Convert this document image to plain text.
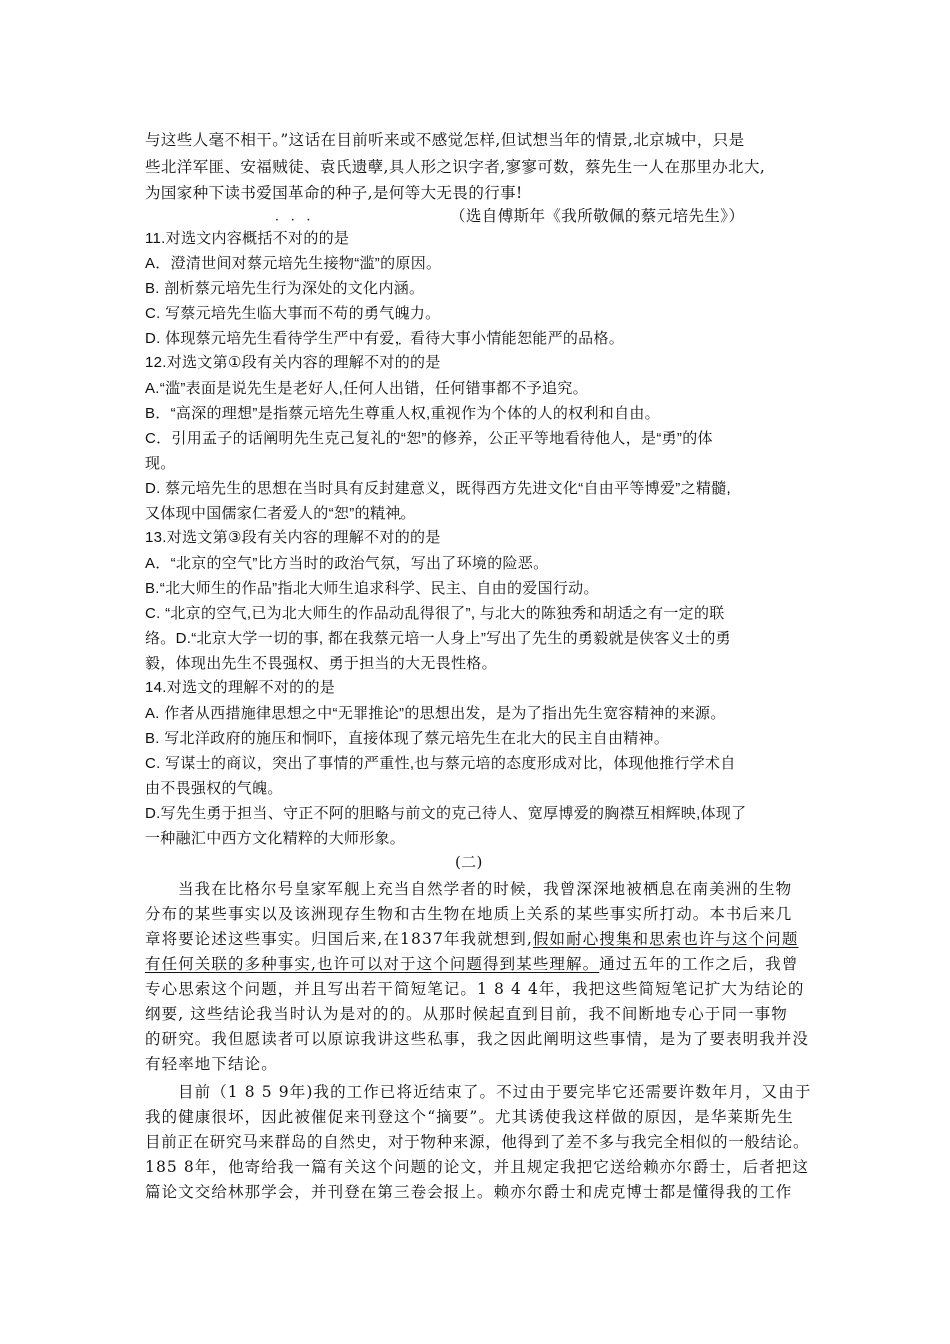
与这些人毫不相干。”这话在目前听来或不感觉怎样,但试想当年的情景,北京城中，只是
些北洋军匪、安福贼徒、袁氏遗孽,具人形之识字者,寥寥可数，蔡先生一人在那里办北大,
为国家种下读书爱国革命的种子,是何等大无畏的行事!
（选自傅斯年《我所敬佩的蔡元培先生》）
11.对选文内容概括不对的 • • •的是
A．澄清世间对蔡元培先生接物“滥”的原因。
B. 剖析蔡元培先生行为深处的文化内涵。
C. 写蔡元培先生临大事而不苟的勇气魄力。
D. 体现蔡元培先生看待学生严中有爱，看待大事小情能恕能严的品格。
12.对选文第①段有关内容的理解不对的 • • •的是
A.“滥”表面是说先生是老好人,任何人出错，任何错事都不予追究。
B．“高深的理想”是指蔡元培先生尊重人权,重视作为个体的人的权利和自由。
C．引用孟子的话阐明先生克己复礼的“恕”的修养，公正平等地看待他人，是“勇”的体
现。
D. 蔡元培先生的思想在当时具有反封建意义，既得西方先进文化“自由平等博爱”之精髓,
又体现中国儒家仁者爱人的“恕”的精神。
13.对选文第③段有关内容的理解不对的 • • •的是
A．“北京的空气”比方当时的政治气氛，写出了环境的险恶。
B.“北大师生的作品”指北大师生追求科学、民主、自由的爱国行动。
C. “北京的空气,已为北大师生的作品动乱得很了”, 与北大的陈独秀和胡适之有一定的联
络。D.“北京大学一切的事, 都在我蔡元培一人身上”写出了先生的勇毅就是侠客义士的勇
毅，体现出先生不畏强权、勇于担当的大无畏性格。
14.对选文的理解不对的 • • •的是
A. 作者从西措施律思想之中“无罪推论”的思想出发，是为了指出先生宽容精神的来源。
B. 写北洋政府的施压和恫吓，直接体现了蔡元培先生在北大的民主自由精神。
C. 写谋士的商议，突出了事情的严重性,也与蔡元培的态度形成对比，体现他推行学术自
由不畏强权的气魄。
D.写先生勇于担当、守正不阿的胆略与前文的克己待人、宽厚博爱的胸襟互相辉映,体现了
一种融汇中西方文化精粹的大师形象。
(二)
当我在比格尔号皇家军舰上充当自然学者的时候，我曾深深地被栖息在南美洲的生物
分布的某些事实以及该洲现存生物和古生物在地质上关系的某些事实所打动。本书后来几
章将要论述这些事实。归国后来,在1837年我就想到,假如耐心搜集和思索也许与这个问题
有任何关联的多种事实,也许可以对于这个问题得到某些理解。通过五年的工作之后，我曾
专心思索这个问题，并且写出若干简短笔记。1 8 4 4年，我把这些简短笔记扩大为结论的
纲要, 这些结论我当时认为是对的的。从那时候起直到目前，我不间断地专心于同一事物
的研究。我但愿读者可以原谅我讲这些私事，我之因此阐明这些事情，是为了要表明我并没
有轻率地下结论。
目前（1 8 5 9年)我的工作已将近结束了。不过由于要完毕它还需要许数年月，又由于
我的健康很坏，因此被催促来刊登这个“摘要”。尤其诱使我这样做的原因，是华莱斯先生
目前正在研究马来群岛的自然史，对于物种来源，他得到了差不多与我完全相似的一般结论。
185 8年，他寄给我一篇有关这个问题的论文，并且规定我把它送给赖亦尔爵士，后者把这
篇论文交给林那学会，并刊登在第三卷会报上。赖亦尔爵士和虎克博士都是懂得我的工作
